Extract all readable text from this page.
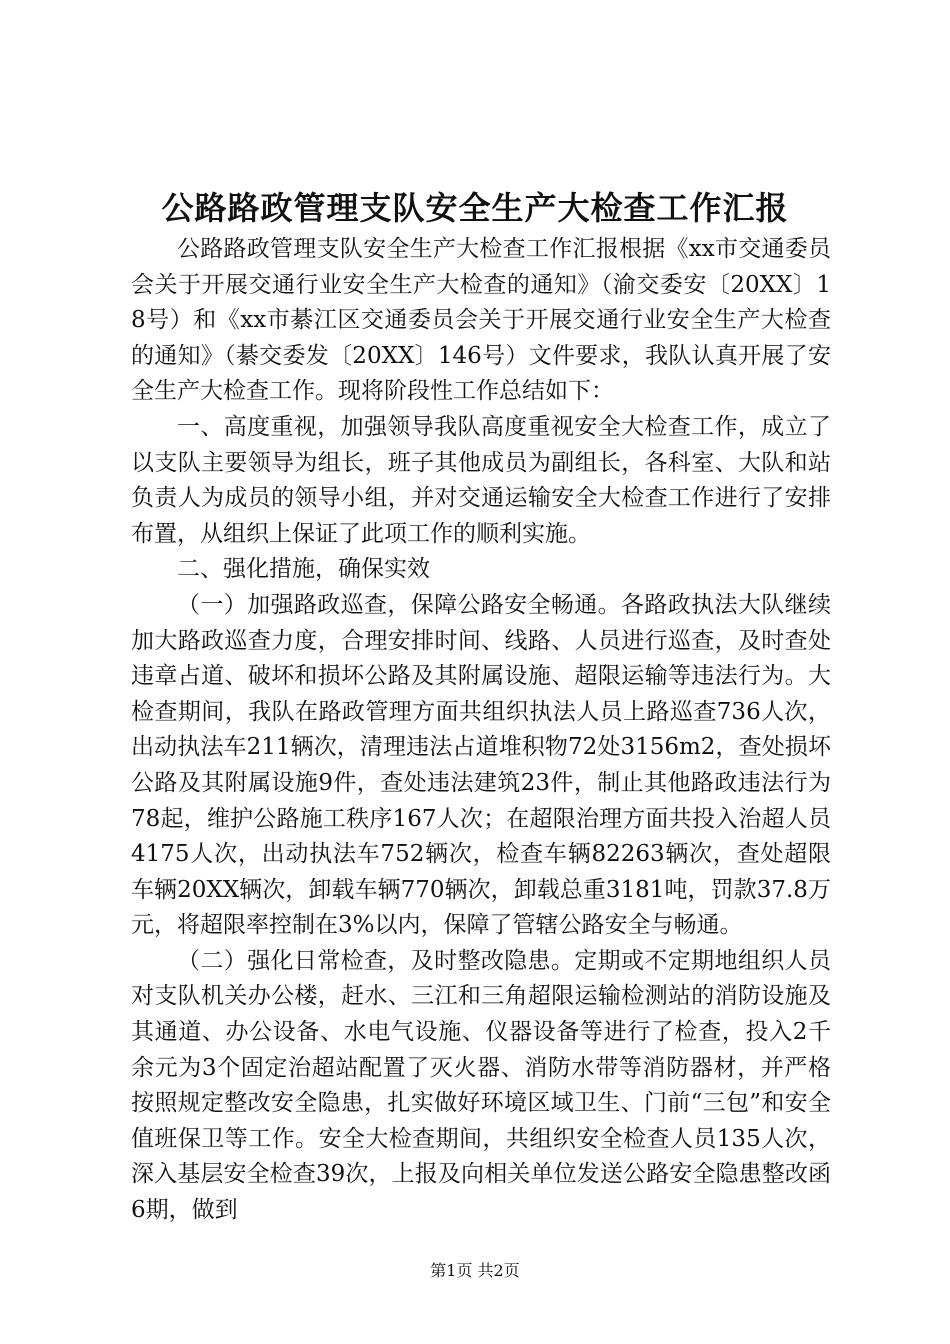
公路路政管理支队安全生产大检查工作汇报

公路路政管理支队安全生产大检查工作汇报根据《xx市交通委员会关于开展交通行业安全生产大检查的通知》（渝交委安〔20XX〕18号）和《xx市綦江区交通委员会关于开展交通行业安全生产大检查的通知》（綦交委发〔20XX〕146号）文件要求，我队认真开展了安全生产大检查工作。现将阶段性工作总结如下：

一、高度重视，加强领导我队高度重视安全大检查工作，成立了以支队主要领导为组长，班子其他成员为副组长，各科室、大队和站负责人为成员的领导小组，并对交通运输安全大检查工作进行了安排布置，从组织上保证了此项工作的顺利实施。

二、强化措施，确保实效

（一）加强路政巡查，保障公路安全畅通。各路政执法大队继续加大路政巡查力度，合理安排时间、线路、人员进行巡查，及时查处违章占道、破坏和损坏公路及其附属设施、超限运输等违法行为。大检查期间，我队在路政管理方面共组织执法人员上路巡查736人次，出动执法车211辆次，清理违法占道堆积物72处3156m2，查处损坏公路及其附属设施9件，查处违法建筑23件，制止其他路政违法行为78起，维护公路施工秩序167人次；在超限治理方面共投入治超人员4175人次，出动执法车752辆次，检查车辆82263辆次，查处超限车辆20XX辆次，卸载车辆770辆次，卸载总重3181吨，罚款37.8万元，将超限率控制在3%以内，保障了管辖公路安全与畅通。

（二）强化日常检查，及时整改隐患。定期或不定期地组织人员对支队机关办公楼，赶水、三江和三角超限运输检测站的消防设施及其通道、办公设备、水电气设施、仪器设备等进行了检查，投入2千余元为3个固定治超站配置了灭火器、消防水带等消防器材，并严格按照规定整改安全隐患，扎实做好环境区域卫生、门前“三包”和安全值班保卫等工作。安全大检查期间，共组织安全检查人员135人次，深入基层安全检查39次，上报及向相关单位发送公路安全隐患整改函6期，做到

第1页 共2页
